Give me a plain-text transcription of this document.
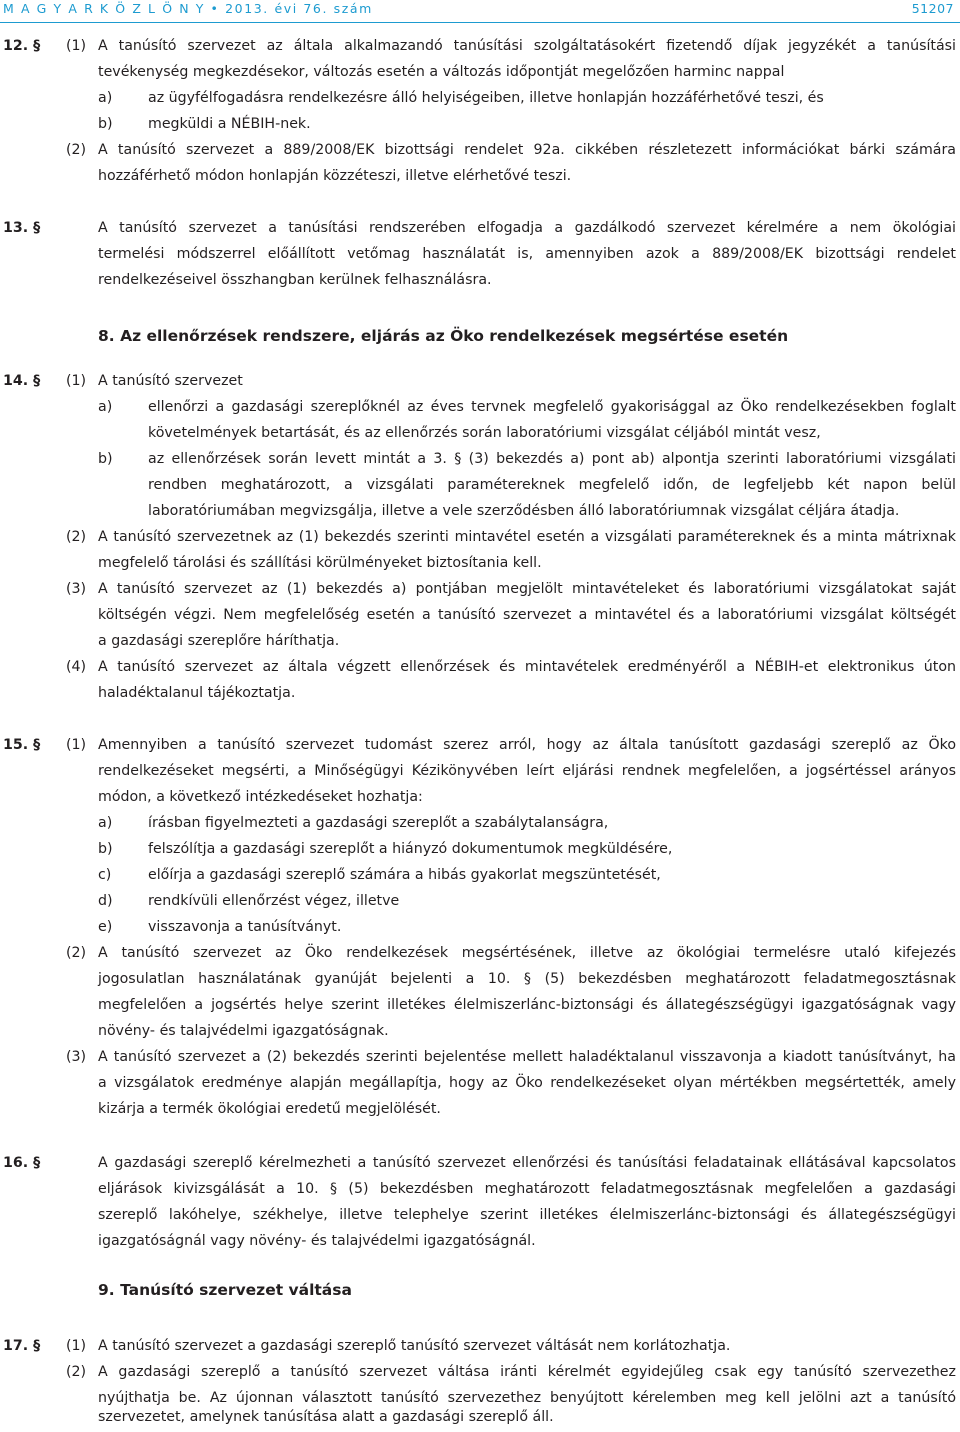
M A G Y A R K Ö Z L Ö N Y • 2013. évi 76. szám	51207
12. § (1) A tanúsító szervezet az általa alkalmazandó tanúsítási szolgáltatásokért fizetendő díjak jegyzékét a tanúsítási
tevékenység megkezdésekor, változás esetén a változás időpontját megelőzően harminc nappal
a)	az ügyfélfogadásra rendelkezésre álló helyiségeiben, illetve honlapján hozzáférhetővé teszi, és
b) megküldi a NÉBIH-nek.
(2) A tanúsító szervezet a 889/2008/EK bizottsági rendelet 92a. cikkében részletezett információkat bárki számára
hozzáférhető módon honlapján közzéteszi, illetve elérhetővé teszi.
13. §	A tanúsító szervezet a tanúsítási rendszerében elfogadja a gazdálkodó szervezet kérelmére a nem ökológiai
termelési módszerrel előállított vetőmag használatát is, amennyiben azok a 889/2008/EK bizottsági rendelet
rendelkezéseivel összhangban kerülnek felhasználásra.
8. Az ellenőrzések rendszere, eljárás az Öko rendelkezések megsértése esetén
14. § (1) A tanúsító szervezet
a)	ellenőrzi a gazdasági szereplőknél az éves tervnek megfelelő gyakorisággal az Öko rendelkezésekben foglalt
követelmények betartását, és az ellenőrzés során laboratóriumi vizsgálat céljából mintát vesz,
b) az ellenőrzések során levett mintát a 3. § (3) bekezdés a) pont ab) alpontja szerinti laboratóriumi vizsgálati
rendben meghatározott, a vizsgálati paramétereknek megfelelő időn, de legfeljebb két napon belül
laboratóriumában megvizsgálja, illetve a vele szerződésben álló laboratóriumnak vizsgálat céljára átadja.
(2) A tanúsító szervezetnek az (1) bekezdés szerinti mintavétel esetén a vizsgálati paramétereknek és a minta mátrixnak
megfelelő tárolási és szállítási körülményeket biztosítania kell.
(3) A tanúsító szervezet az (1) bekezdés a) pontjában megjelölt mintavételeket és laboratóriumi vizsgálatokat saját
költségén végzi. Nem megfelelőség esetén a tanúsító szervezet a mintavétel és a laboratóriumi vizsgálat költségét
a gazdasági szereplőre háríthatja.
(4) A tanúsító szervezet az általa végzett ellenőrzések és mintavételek eredményéről a NÉBIH-et elektronikus úton
haladéktalanul tájékoztatja.
15. § (1) Amennyiben a tanúsító szervezet tudomást szerez arról, hogy az általa tanúsított gazdasági szereplő az Öko
rendelkezéseket megsérti, a Minőségügyi Kézikönyvében leírt eljárási rendnek megfelelően, a jogsértéssel arányos
módon, a következő intézkedéseket hozhatja:
a)	írásban figyelmezteti a gazdasági szereplőt a szabálytalanságra,
b) felszólítja a gazdasági szereplőt a hiányzó dokumentumok megküldésére,
c)	előírja a gazdasági szereplő számára a hibás gyakorlat megszüntetését,
d) rendkívüli ellenőrzést végez, illetve
e)	visszavonja a tanúsítványt.
(2) A tanúsító szervezet az Öko rendelkezések megsértésének, illetve az ökológiai termelésre utaló kifejezés
jogosulatlan használatának gyanúját bejelenti a 10. § (5) bekezdésben meghatározott feladatmegosztásnak
megfelelően a jogsértés helye szerint illetékes élelmiszerlánc-biztonsági és állategészségügyi igazgatóságnak vagy
növény- és talajvédelmi igazgatóságnak.
(3) A tanúsító szervezet a (2) bekezdés szerinti bejelentése mellett haladéktalanul visszavonja a kiadott tanúsítványt, ha
a vizsgálatok eredménye alapján megállapítja, hogy az Öko rendelkezéseket olyan mértékben megsértették, amely
kizárja a termék ökológiai eredetű megjelölését.
16. §	A gazdasági szereplő kérelmezheti a tanúsító szervezet ellenőrzési és tanúsítási feladatainak ellátásával kapcsolatos
eljárások kivizsgálását a 10. § (5) bekezdésben meghatározott feladatmegosztásnak megfelelően a gazdasági
szereplő lakóhelye, székhelye, illetve telephelye szerint illetékes élelmiszerlánc-biztonsági és állategészségügyi
igazgatóságnál vagy növény- és talajvédelmi igazgatóságnál.
9. Tanúsító szervezet váltása
17. § (1) A tanúsító szervezet a gazdasági szereplő tanúsító szervezet váltását nem korlátozhatja.
(2) A gazdasági szereplő a tanúsító szervezet váltása iránti kérelmét egyidejűleg csak egy tanúsító szervezethez
nyújthatja be. Az újonnan választott tanúsító szervezethez benyújtott kérelemben meg kell jelölni azt a tanúsító
szervezetet, amelynek tanúsítása alatt a gazdasági szereplő áll.
